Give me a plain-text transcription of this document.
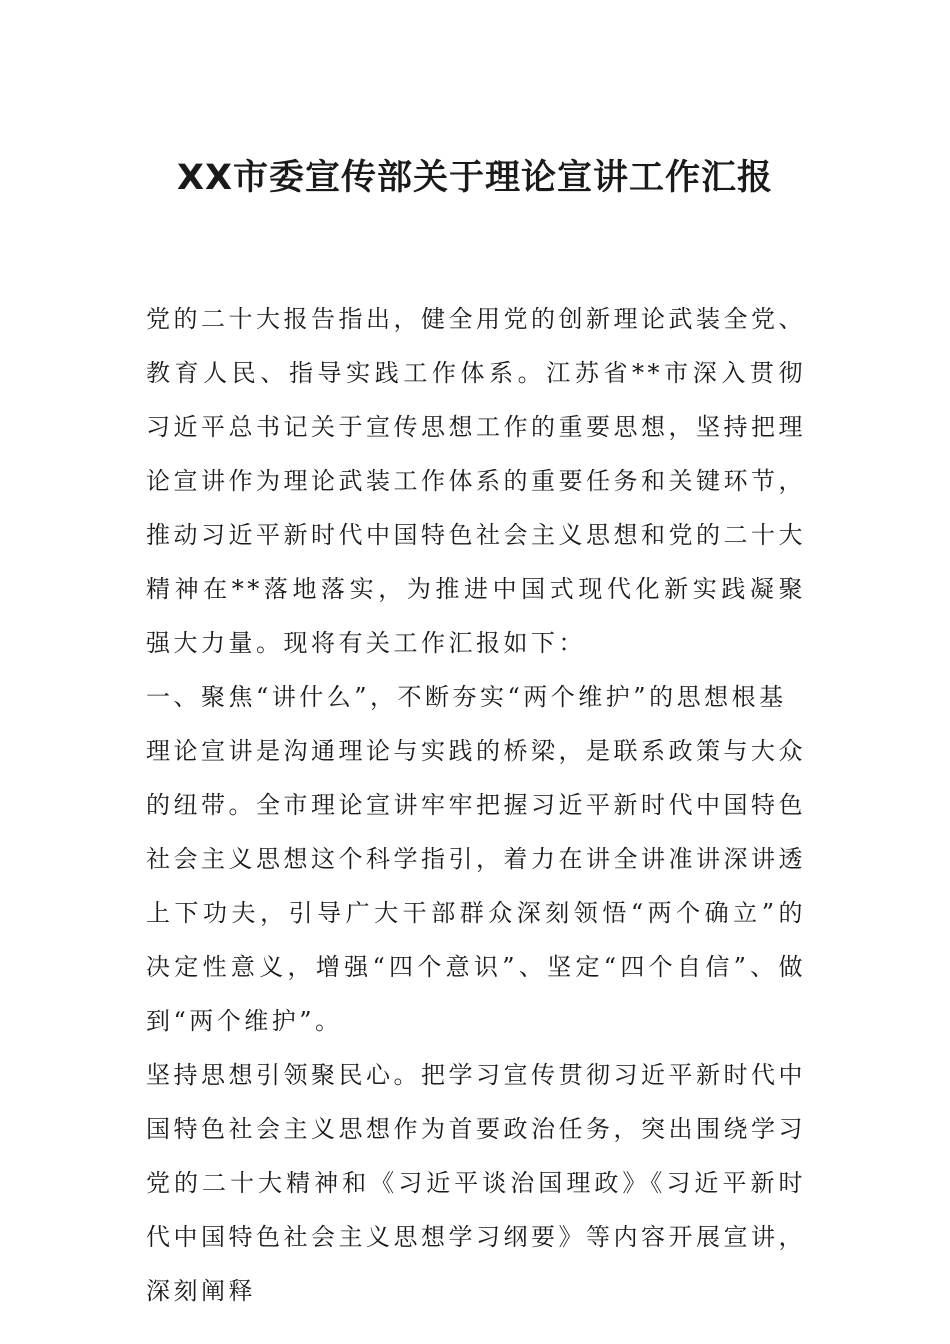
XX市委宣传部关于理论宣讲工作汇报

党的二十大报告指出，健全用党的创新理论武装全党、教育人民、指导实践工作体系。江苏省**市深入贯彻习近平总书记关于宣传思想工作的重要思想，坚持把理论宣讲作为理论武装工作体系的重要任务和关键环节，推动习近平新时代中国特色社会主义思想和党的二十大精神在**落地落实，为推进中国式现代化新实践凝聚强大力量。现将有关工作汇报如下：

一、聚焦“讲什么”，不断夯实“两个维护”的思想根基

理论宣讲是沟通理论与实践的桥梁，是联系政策与大众的纽带。全市理论宣讲牢牢把握习近平新时代中国特色社会主义思想这个科学指引，着力在讲全讲准讲深讲透上下功夫，引导广大干部群众深刻领悟“两个确立”的决定性意义，增强“四个意识”、坚定“四个自信”、做到“两个维护”。

坚持思想引领聚民心。把学习宣传贯彻习近平新时代中国特色社会主义思想作为首要政治任务，突出围绕学习党的二十大精神和《习近平谈治国理政》《习近平新时代中国特色社会主义思想学习纲要》等内容开展宣讲，深刻阐释
